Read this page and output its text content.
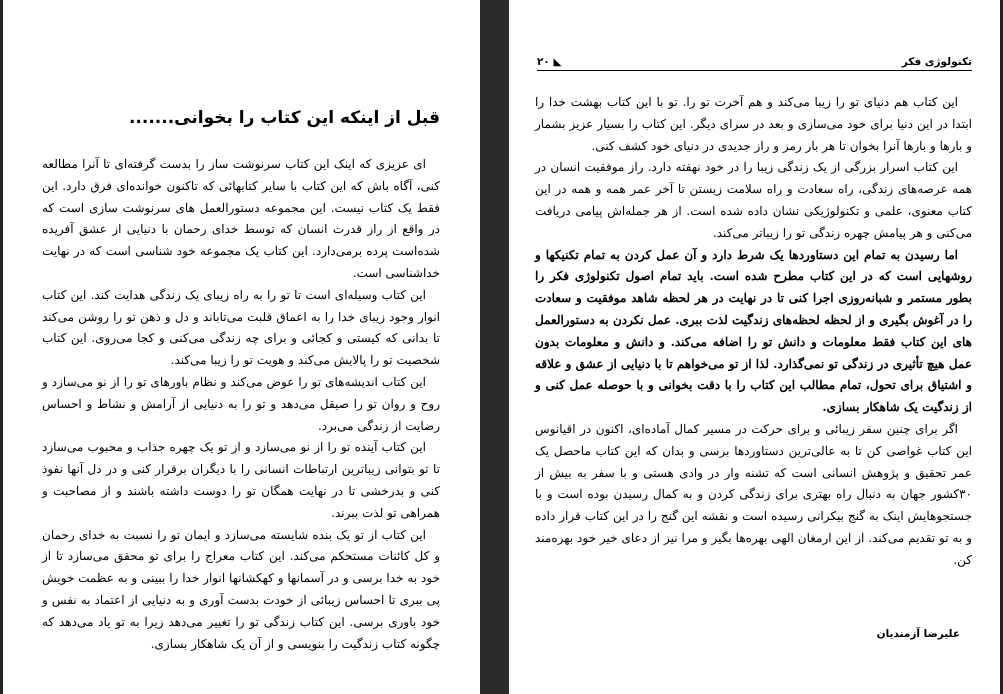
قبل از اینکه این کتاب را بخوانی.......

ای عزیزی که اینک این کتاب سرنوشت ساز را بدست گرفته‌ای تا آنرا مطالعه کنی، آگاه باش که این کتاب با سایر کتابهائی که تاکنون خوانده‌ای فرق دارد. این فقط یک کتاب نیست. این مجموعه دستورالعمل های سرنوشت سازی است که در واقع از راز قدرت انسان که توسط خدای رحمان با دنیایی از عشق آفریده شده‌است پرده برمی‌دارد. این کتاب یک مجموعه خود شناسی است که در نهایت خداشناسی است.

این کتاب وسیله‌ای است تا تو را به راه زیبای یک زندگی هدایت کند. این کتاب انوار وجود زیبای خدا را به اعماق قلبت می‌تاباند و دل و ذهن تو را روشن می‌کند تا بدانی که کیستی و کجائی و برای چه زندگی می‌کنی و کجا می‌روی. این کتاب شخصیت تو را پالایش می‌کند و هویت تو را زیبا می‌کند.

این کتاب اندیشه‌های تو را عوض می‌کند و نظام باورهای تو را از نو می‌سازد و روح و روان تو را صیقل می‌دهد و تو را به دنیایی از آرامش و نشاط و احساس رضایت از زندگی می‌برد.

این کتاب آینده تو را از نو می‌سازد و از تو یک چهره جذاب و محبوب می‌سازد تا تو بتوانی زیباترین ارتباطات انسانی را با دیگران برقرار کنی و در دل آنها نفوذ کنی و بدرخشی تا در نهایت همگان تو را دوست داشته باشند و از مصاحبت و همراهی تو لذت ببرند.

این کتاب از تو یک بنده شایسته می‌سازد و ایمان تو را نسبت به خدای رحمان و کل کائنات مستحکم می‌کند. این کتاب معراج را برای تو محقق می‌سازد تا از خود به خدا برسی و در آسمانها و کهکشانها انوار خدا را ببینی و به عظمت خویش پی ببری تا احساس زیبائی از خودت بدست آوری و به دنیایی از اعتماد به نفس و خود باوری برسی. این کتاب زندگی تو را تغییر می‌دهد زیرا به تو یاد می‌دهد که چگونه کتاب زندگیت را بنویسی و از آن یک شاهکار بسازی.

تکنولوژی فکر
۲۰ ◣

این کتاب هم دنیای تو را زیبا می‌کند و هم آخرت تو را. تو با این کتاب بهشت خدا را ابتدا در این دنیا برای خود می‌سازی و بعد در سرای دیگر. این کتاب را بسیار عزیز بشمار و بارها و بارها آنرا بخوان تا هر بار رمز و راز جدیدی در دنیای خود کشف کنی.

این کتاب اسرار بزرگی از یک زندگی زیبا را در خود نهفته دارد. راز موفقیت انسان در همه عرصه‌های زندگی، راه سعادت و راه سلامت زیستن تا آخر عمر همه و همه در این کتاب معنوی، علمی و تکنولوژیکی نشان داده شده است. از هر جمله‌اش پیامی دریافت می‌کنی و هر پیامش چهره زندگی تو را زیباتر می‌کند.

اما رسیدن به تمام این دستاوردها یک شرط دارد و آن عمل کردن به تمام تکنیکها و روشهایی است که در این کتاب مطرح شده است. باید تمام اصول تکنولوژی فکر را بطور مستمر و شبانه‌روزی اجرا کنی تا در نهایت در هر لحظه شاهد موفقیت و سعادت را در آغوش بگیری و از لحظه لحظه‌های زندگیت لذت ببری. عمل نکردن به دستورالعمل های این کتاب فقط معلومات و دانش تو را اضافه می‌کند. و دانش و معلومات بدون عمل هیچ تأثیری در زندگی تو نمی‌گذارد. لذا از تو می‌خواهم تا با دنیایی از عشق و علاقه و اشتیاق برای تحول، تمام مطالب این کتاب را با دقت بخوانی و با حوصله عمل کنی و از زندگیت یک شاهکار بسازی.

اگر برای چنین سفر زیبائی و برای حرکت در مسیر کمال آماده‌ای، اکنون در اقیانوس این کتاب غواصی کن تا به عالی‌ترین دستاوردها برسی و بدان که این کتاب ماحصل یک عمر تحقیق و پژوهش انسانی است که تشنه وار در وادی هستی و با سفر به بیش از ۳۰کشور جهان به دنبال راه بهتری برای زندگی کردن و به کمال رسیدن بوده است و با جستجوهایش اینک به گنج بیکرانی رسیده است و نقشه این گنج را در این کتاب قرار داده و به تو تقدیم می‌کند. از این ارمغان الهی بهره‌ها بگیر و مرا نیز از دعای خیر خود بهره‌مند کن.

علیرضا آزمندیان
